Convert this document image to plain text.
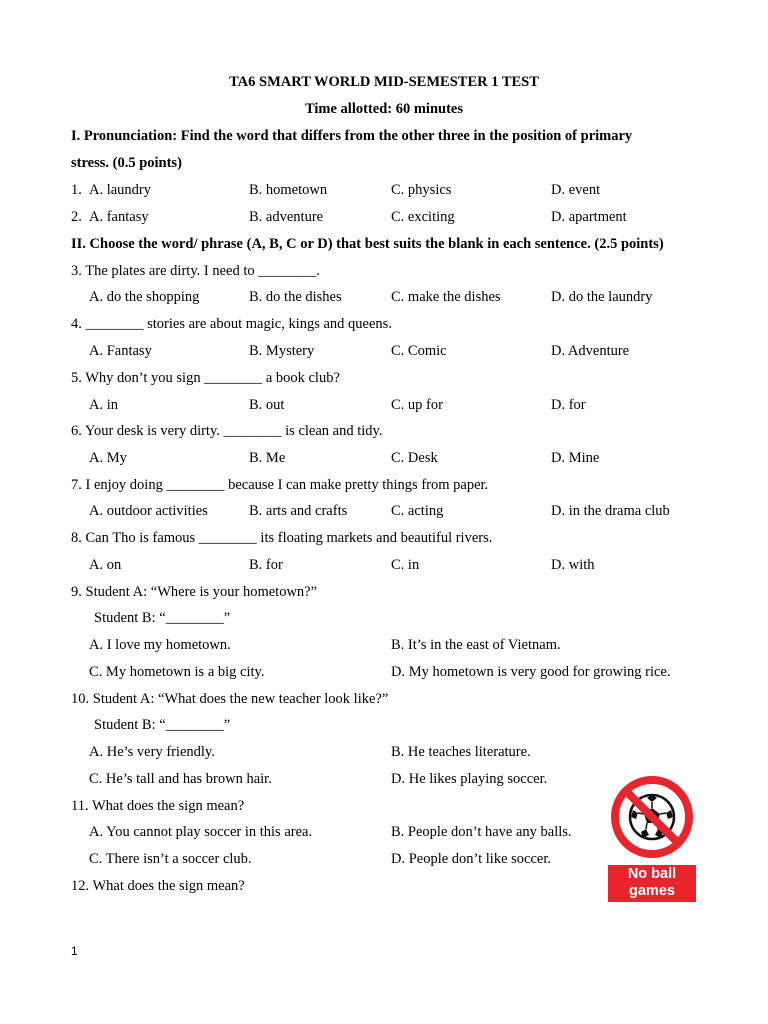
TA6 SMART WORLD MID-SEMESTER 1 TEST
Time allotted: 60 minutes
I. Pronunciation: Find the word that differs from the other three in the position of primary
stress. (0.5 points)
1. A. laundry	B. hometown	C. physics	D. event
2. A. fantasy	B. adventure	C. exciting	D. apartment
II. Choose the word/ phrase (A, B, C or D) that best suits the blank in each sentence. (2.5 points)
3. The plates are dirty. I need to ________.
A. do the shopping	B. do the dishes	C. make the dishes	D. do the laundry
4. ________ stories are about magic, kings and queens.
A. Fantasy	B. Mystery	C. Comic	D. Adventure
5. Why don’t you sign ________ a book club?
A. in	B. out	C. up for	D. for
6. Your desk is very dirty. ________ is clean and tidy.
A. My	B. Me	C. Desk	D. Mine
7. I enjoy doing ________ because I can make pretty things from paper.
A. outdoor activities	B. arts and crafts	C. acting	D. in the drama club
8. Can Tho is famous ________ its floating markets and beautiful rivers.
A. on	B. for	C. in	D. with
9. Student A: “Where is your hometown?”
Student B: “________”
A. I love my hometown.	B. It’s in the east of Vietnam.
C. My hometown is a big city.	D. My hometown is very good for growing rice.
10. Student A: “What does the new teacher look like?”
Student B: “________”
A. He’s very friendly.	B. He teaches literature.
C. He’s tall and has brown hair.	D. He likes playing soccer.
11. What does the sign mean?
A. You cannot play soccer in this area.	B. People don’t have any balls.
C. There isn’t a soccer club.	D. People don’t like soccer.
12. What does the sign mean?
No ball
games
1
